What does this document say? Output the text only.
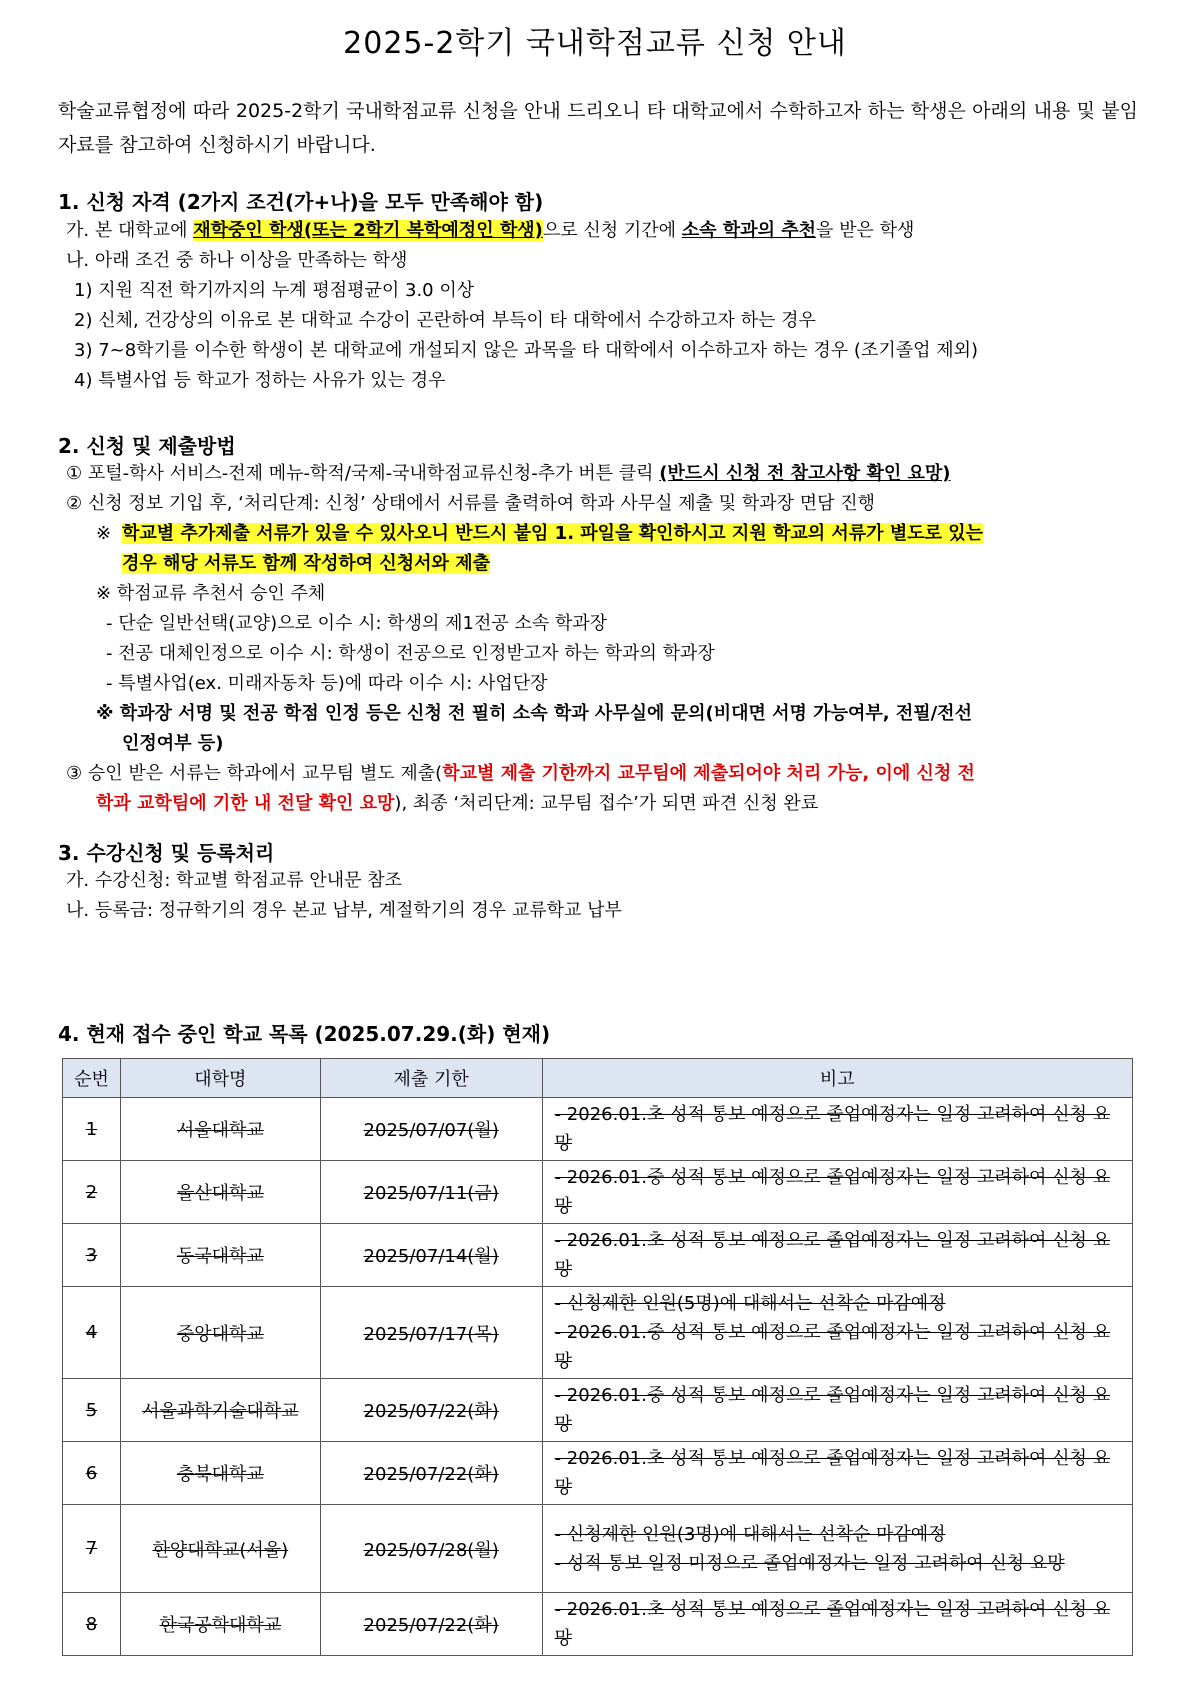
2025-2학기 국내학점교류 신청 안내
학술교류협정에 따라 2025-2학기 국내학점교류 신청을 안내 드리오니 타 대학교에서 수학하고자 하는 학생은 아래의 내용 및 붙임 자료를 참고하여 신청하시기 바랍니다.
1. 신청 자격 (2가지 조건(가+나)을 모두 만족해야 함)
가. 본 대학교에 재학중인 학생(또는 2학기 복학예정인 학생)으로 신청 기간에 소속 학과의 추천을 받은 학생
나. 아래 조건 중 하나 이상을 만족하는 학생
1) 지원 직전 학기까지의 누계 평점평균이 3.0 이상
2) 신체, 건강상의 이유로 본 대학교 수강이 곤란하여 부득이 타 대학에서 수강하고자 하는 경우
3) 7~8학기를 이수한 학생이 본 대학교에 개설되지 않은 과목을 타 대학에서 이수하고자 하는 경우 (조기졸업 제외)
4) 특별사업 등 학교가 정하는 사유가 있는 경우
2. 신청 및 제출방법
① 포털-학사 서비스-전제 메뉴-학적/국제-국내학점교류신청-추가 버튼 클릭 (반드시 신청 전 참고사항 확인 요망)
② 신청 정보 기입 후, ‘처리단계: 신청’ 상태에서 서류를 출력하여 학과 사무실 제출 및 학과장 면담 진행
※ 학교별 추가제출 서류가 있을 수 있사오니 반드시 붙임 1. 파일을 확인하시고 지원 학교의 서류가 별도로 있는
경우 해당 서류도 함께 작성하여 신청서와 제출
※ 학점교류 추천서 승인 주체
- 단순 일반선택(교양)으로 이수 시: 학생의 제1전공 소속 학과장
- 전공 대체인정으로 이수 시: 학생이 전공으로 인정받고자 하는 학과의 학과장
- 특별사업(ex. 미래자동차 등)에 따라 이수 시: 사업단장
※ 학과장 서명 및 전공 학점 인정 등은 신청 전 필히 소속 학과 사무실에 문의(비대면 서명 가능여부, 전필/전선
인정여부 등)
③ 승인 받은 서류는 학과에서 교무팀 별도 제출(학교별 제출 기한까지 교무팀에 제출되어야 처리 가능, 이에 신청 전
학과 교학팀에 기한 내 전달 확인 요망), 최종 ‘처리단계: 교무팀 접수’가 되면 파견 신청 완료
3. 수강신청 및 등록처리
가. 수강신청: 학교별 학점교류 안내문 참조
나. 등록금: 정규학기의 경우 본교 납부, 계절학기의 경우 교류학교 납부
4. 현재 접수 중인 학교 목록 (2025.07.29.(화) 현재)
순번	대학명	제출 기한	비고
1	서울대학교	2025/07/07(월)	- 2026.01.초 성적 통보 예정으로 졸업예정자는 일정 고려하여 신청 요망

2	울산대학교	2025/07/11(금)	- 2026.01.중 성적 통보 예정으로 졸업예정자는 일정 고려하여 신청 요망

3	동국대학교	2025/07/14(월)	- 2026.01.초 성적 통보 예정으로 졸업예정자는 일정 고려하여 신청 요망

4	중앙대학교	2025/07/17(목)	- 신청제한 인원(5명)에 대해서는 선착순 마감예정
- 2026.01.중 성적 통보 예정으로 졸업예정자는 일정 고려하여 신청 요망

5	서울과학기술대학교	2025/07/22(화)	- 2026.01.중 성적 통보 예정으로 졸업예정자는 일정 고려하여 신청 요망

6	충북대학교	2025/07/22(화)	- 2026.01.초 성적 통보 예정으로 졸업예정자는 일정 고려하여 신청 요망

7	한양대학교(서울)	2025/07/28(월)	- 신청제한 인원(3명)에 대해서는 선착순 마감예정
- 성적 통보 일정 미정으로 졸업예정자는 일정 고려하여 신청 요망

8	한국공학대학교	2025/07/22(화)	- 2026.01.초 성적 통보 예정으로 졸업예정자는 일정 고려하여 신청 요망
